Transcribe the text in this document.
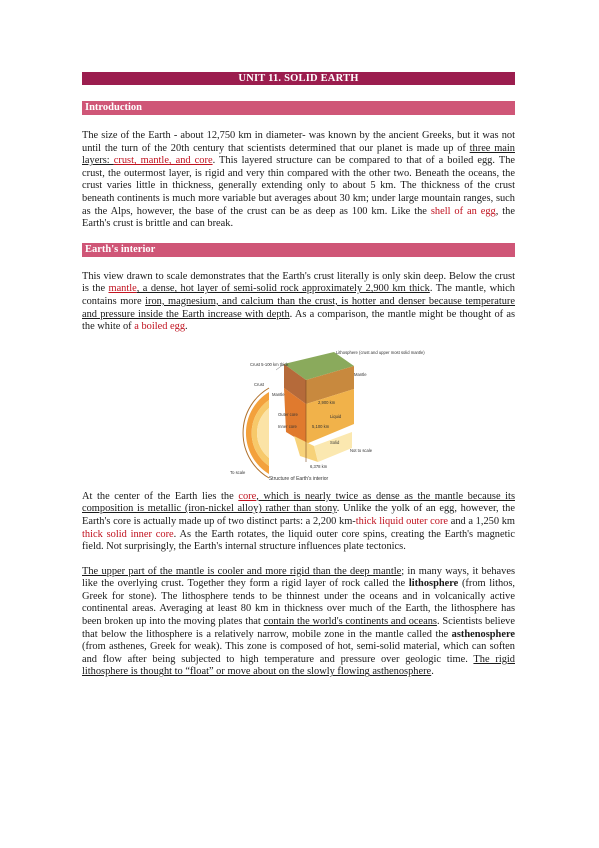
UNIT 11. SOLID EARTH
Introduction

The size of the Earth - about 12,750 km in diameter- was known by the ancient Greeks, but it was not until the turn of the 20th century that scientists determined that our planet is made up of three main layers: crust, mantle, and core. This layered structure can be compared to that of a boiled egg. The crust, the outermost layer, is rigid and very thin compared with the other two. Beneath the oceans, the crust varies little in thickness, generally extending only to about 5 km. The thickness of the crust beneath continents is much more variable but averages about 30 km; under large mountain ranges, such as the Alps, however, the base of the crust can be as deep as 100 km. Like the shell of an egg, the Earth's crust is brittle and can break.

Earth's interior

This view drawn to scale demonstrates that the Earth's crust literally is only skin deep. Below the crust is the mantle, a dense, hot layer of semi-solid rock approximately 2,900 km thick. The mantle, which contains more iron, magnesium, and calcium than the crust, is hotter and denser because temperature and pressure inside the Earth increase with depth. As a comparison, the mantle might be thought of as the white of a boiled egg.

Crust 5-100 km thick
Crust
Mantle
Outer core
Inner core
Lithosphere (crust and upper most solid mantle)
Mantle
2,900 km
Liquid
5,100 km
Solid
Not to scale
6,378 km
To scale
Structure of Earth's interior

At the center of the Earth lies the core, which is nearly twice as dense as the mantle because its composition is metallic (iron-nickel alloy) rather than stony. Unlike the yolk of an egg, however, the Earth's core is actually made up of two distinct parts: a 2,200 km-thick liquid outer core and a 1,250 km thick solid inner core. As the Earth rotates, the liquid outer core spins, creating the Earth's magnetic field. Not surprisingly, the Earth's internal structure influences plate tectonics.

The upper part of the mantle is cooler and more rigid than the deep mantle; in many ways, it behaves like the overlying crust. Together they form a rigid layer of rock called the lithosphere (from lithos, Greek for stone). The lithosphere tends to be thinnest under the oceans and in volcanically active continental areas. Averaging at least 80 km in thickness over much of the Earth, the lithosphere has been broken up into the moving plates that contain the world's continents and oceans. Scientists believe that below the lithosphere is a relatively narrow, mobile zone in the mantle called the asthenosphere (from asthenes, Greek for weak). This zone is composed of hot, semi-solid material, which can soften and flow after being subjected to high temperature and pressure over geologic time. The rigid lithosphere is thought to “float” or move about on the slowly flowing asthenosphere.
